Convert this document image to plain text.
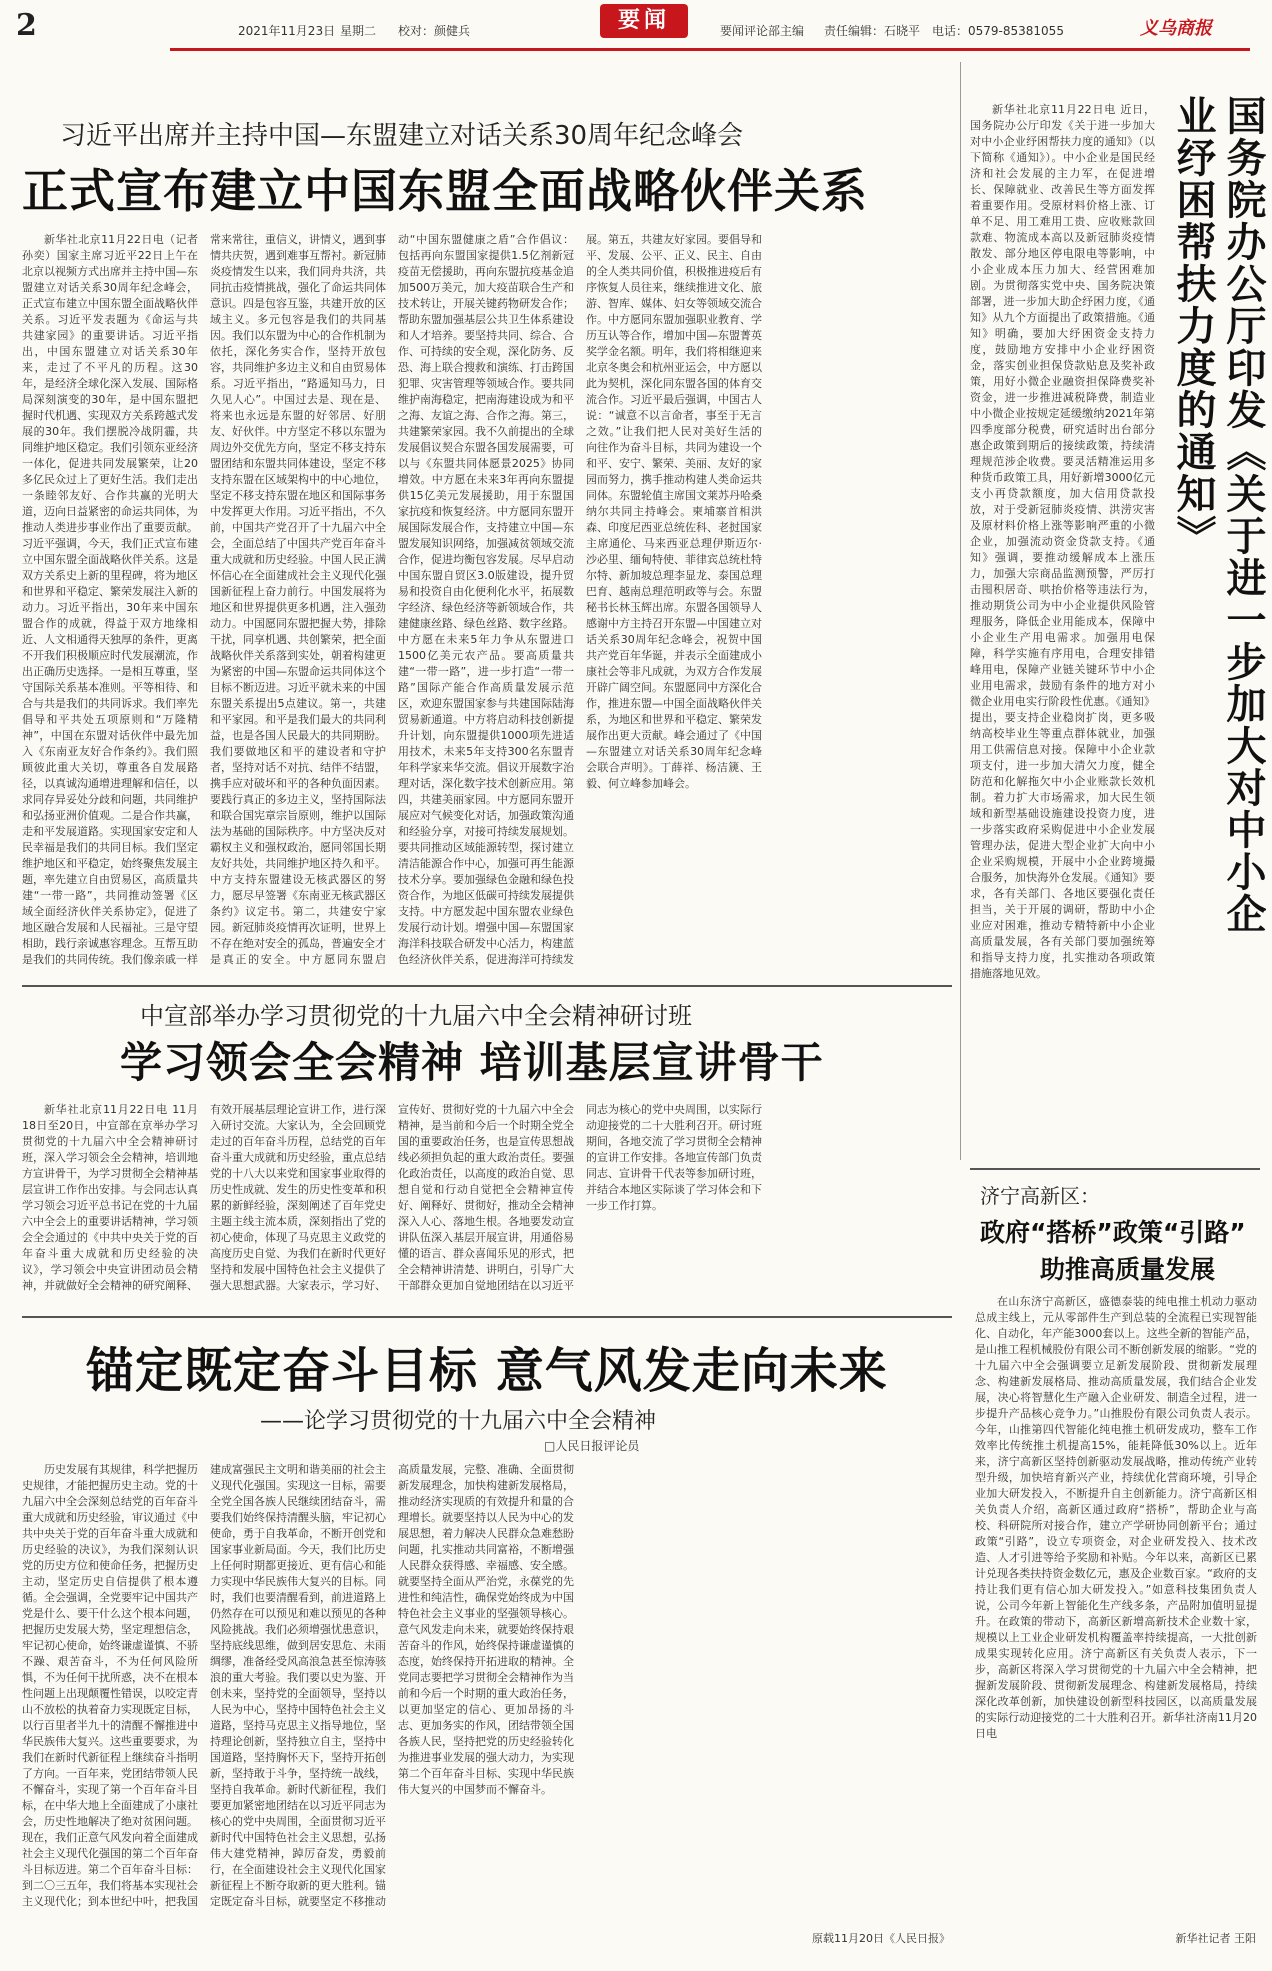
2	2021年11月23日 星期二 校对：颜健兵	要闻	要闻评论部主编 责任编辑：石晓平 电话：0579-85381055	义乌商报
习近平出席并主持中国—东盟建立对话关系30周年纪念峰会
正式宣布建立中国东盟全面战略伙伴关系
新华社北京11月22日电（记者孙奕）国家主席习近平22日上午在北京以视频方式出席并主持中国—东盟建立对话关系30周年纪念峰会，正式宣布建立中国东盟全面战略伙伴关系。习近平发表题为《命运与共 共建家园》的重要讲话。习近平指出，中国东盟建立对话关系30年来，走过了不平凡的历程。这30年，是经济全球化深入发展、国际格局深刻演变的30年，是中国东盟把握时代机遇、实现双方关系跨越式发展的30年。我们摆脱冷战阴霾，共同维护地区稳定。我们引领东亚经济一体化，促进共同发展繁荣，让20多亿民众过上了更好生活。我们走出一条睦邻友好、合作共赢的光明大道，迈向日益紧密的命运共同体，为推动人类进步事业作出了重要贡献。习近平强调，今天，我们正式宣布建立中国东盟全面战略伙伴关系。这是双方关系史上新的里程碑，将为地区和世界和平稳定、繁荣发展注入新的动力。习近平指出，30年来中国东盟合作的成就，得益于双方地缘相近、人文相通得天独厚的条件，更离不开我们积极顺应时代发展潮流，作出正确历史选择。一是相互尊重，坚守国际关系基本准则。平等相待、和合与共是我们的共同诉求。我们率先倡导和平共处五项原则和“万隆精神”，中国在东盟对话伙伴中最先加入《东南亚友好合作条约》。我们照顾彼此重大关切，尊重各自发展路径，以真诚沟通增进理解和信任，以求同存异妥处分歧和问题，共同维护和弘扬亚洲价值观。二是合作共赢，走和平发展道路。实现国家安定和人民幸福是我们的共同目标。我们坚定维护地区和平稳定，始终聚焦发展主题，率先建立自由贸易区，高质量共建“一带一路”，共同推动签署《区域全面经济伙伴关系协定》，促进了地区融合发展和人民福祉。三是守望相助，践行亲诚惠容理念。互帮互助是我们的共同传统。我们像亲戚一样常来常往，重信义，讲情义，遇到事情共庆贺，遇到难事互帮衬。新冠肺炎疫情发生以来，我们同舟共济，共同抗击疫情挑战，强化了命运共同体意识。四是包容互鉴，共建开放的区域主义。多元包容是我们的共同基因。我们以东盟为中心的合作机制为依托，深化务实合作，坚持开放包容，共同维护多边主义和自由贸易体系。习近平指出，“路遥知马力，日久见人心”。中国过去是、现在是、将来也永远是东盟的好邻居、好朋友、好伙伴。中方坚定不移以东盟为周边外交优先方向，坚定不移支持东盟团结和东盟共同体建设，坚定不移支持东盟在区域架构中的中心地位，坚定不移支持东盟在地区和国际事务中发挥更大作用。习近平指出，不久前，中国共产党召开了十九届六中全会，全面总结了中国共产党百年奋斗重大成就和历史经验。中国人民正满怀信心在全面建成社会主义现代化强国新征程上奋力前行。中国发展将为地区和世界提供更多机遇，注入强劲动力。中国愿同东盟把握大势，排除干扰，同享机遇、共创繁荣，把全面战略伙伴关系落到实处，朝着构建更为紧密的中国—东盟命运共同体这个目标不断迈进。习近平就未来的中国东盟关系提出5点建议。第一，共建和平家园。和平是我们最大的共同利益，也是各国人民最大的共同期盼。我们要做地区和平的建设者和守护者，坚持对话不对抗、结伴不结盟，携手应对破坏和平的各种负面因素。要践行真正的多边主义，坚持国际法和联合国宪章宗旨原则，维护以国际法为基础的国际秩序。中方坚决反对霸权主义和强权政治，愿同邻国长期友好共处，共同维护地区持久和平。中方支持东盟建设无核武器区的努力，愿尽早签署《东南亚无核武器区条约》议定书。第二，共建安宁家园。新冠肺炎疫情再次证明，世界上不存在绝对安全的孤岛，普遍安全才是真正的安全。中方愿同东盟启动“中国东盟健康之盾”合作倡议：包括再向东盟国家提供1.5亿剂新冠疫苗无偿援助，再向东盟抗疫基金追加500万美元，加大疫苗联合生产和技术转让，开展关键药物研发合作；帮助东盟加强基层公共卫生体系建设和人才培养。要坚持共同、综合、合作、可持续的安全观，深化防务、反恐、海上联合搜救和演练、打击跨国犯罪、灾害管理等领域合作。要共同维护南海稳定，把南海建设成为和平之海、友谊之海、合作之海。第三，共建繁荣家园。我不久前提出的全球发展倡议契合东盟各国发展需要，可以与《东盟共同体愿景2025》协同增效。中方愿在未来3年再向东盟提供15亿美元发展援助，用于东盟国家抗疫和恢复经济。中方愿同东盟开展国际发展合作，支持建立中国—东盟发展知识网络，加强减贫领域交流合作，促进均衡包容发展。尽早启动中国东盟自贸区3.0版建设，提升贸易和投资自由化便利化水平，拓展数字经济、绿色经济等新领域合作，共建健康丝路、绿色丝路、数字丝路。中方愿在未来5年力争从东盟进口1500亿美元农产品。要高质量共建“一带一路”，进一步打造“一带一路”国际产能合作高质量发展示范区，欢迎东盟国家参与共建国际陆海贸易新通道。中方将启动科技创新提升计划，向东盟提供1000项先进适用技术，未来5年支持300名东盟青年科学家来华交流。倡议开展数字治理对话，深化数字技术创新应用。第四，共建美丽家园。中方愿同东盟开展应对气候变化对话，加强政策沟通和经验分享，对接可持续发展规划。要共同推动区域能源转型，探讨建立清洁能源合作中心，加强可再生能源技术分享。要加强绿色金融和绿色投资合作，为地区低碳可持续发展提供支持。中方愿发起中国东盟农业绿色发展行动计划。增强中国—东盟国家海洋科技联合研发中心活力，构建蓝色经济伙伴关系，促进海洋可持续发展。第五，共建友好家园。要倡导和平、发展、公平、正义、民主、自由的全人类共同价值，积极推进疫后有序恢复人员往来，继续推进文化、旅游、智库、媒体、妇女等领域交流合作。中方愿同东盟加强职业教育、学历互认等合作，增加中国—东盟菁英奖学金名额。明年，我们将相继迎来北京冬奥会和杭州亚运会，中方愿以此为契机，深化同东盟各国的体育交流合作。习近平最后强调，中国古人说：“诚意不以言命者，事至于无言之效。”让我们把人民对美好生活的向往作为奋斗目标，共同为建设一个和平、安宁、繁荣、美丽、友好的家园而努力，携手推动构建人类命运共同体。东盟轮值主席国文莱苏丹哈桑纳尔共同主持峰会。柬埔寨首相洪森、印度尼西亚总统佐科、老挝国家主席通伦、马来西亚总理伊斯迈尔·沙必里、缅甸特使、菲律宾总统杜特尔特、新加坡总理李显龙、泰国总理巴育、越南总理范明政等与会。东盟秘书长林玉辉出席。东盟各国领导人感谢中方主持召开东盟—中国建立对话关系30周年纪念峰会，祝贺中国共产党百年华诞，并表示全面建成小康社会等非凡成就，为双方合作发展开辟广阔空间。东盟愿同中方深化合作，推进东盟—中国全面战略伙伴关系，为地区和世界和平稳定、繁荣发展作出更大贡献。峰会通过了《中国—东盟建立对话关系30周年纪念峰会联合声明》。丁薛祥、杨洁篪、王毅、何立峰参加峰会。	国务院办公厅印发《关于进一步加大对中小企业纾困帮扶力度的通知》
新华社北京11月22日电 近日，国务院办公厅印发《关于进一步加大对中小企业纾困帮扶力度的通知》（以下简称《通知》）。中小企业是国民经济和社会发展的主力军，在促进增长、保障就业、改善民生等方面发挥着重要作用。受原材料价格上涨、订单不足、用工难用工贵、应收账款回款难、物流成本高以及新冠肺炎疫情散发、部分地区停电限电等影响，中小企业成本压力加大、经营困难加剧。为贯彻落实党中央、国务院决策部署，进一步加大助企纾困力度，《通知》从九个方面提出了政策措施。《通知》明确，要加大纾困资金支持力度，鼓励地方安排中小企业纾困资金，落实创业担保贷款贴息及奖补政策，用好小微企业融资担保降费奖补资金，进一步推进减税降费，制造业中小微企业按规定延缓缴纳2021年第四季度部分税费，研究适时出台部分惠企政策到期后的接续政策，持续清理规范涉企收费。要灵活精准运用多种货币政策工具，用好新增3000亿元支小再贷款额度，加大信用贷款投放，对于受新冠肺炎疫情、洪涝灾害及原材料价格上涨等影响严重的小微企业，加强流动资金贷款支持。《通知》强调，要推动缓解成本上涨压力，加强大宗商品监测预警，严厉打击囤积居奇、哄抬价格等违法行为，推动期货公司为中小企业提供风险管理服务，降低企业用能成本，保障中小企业生产用电需求。加强用电保障，科学实施有序用电，合理安排错峰用电，保障产业链关键环节中小企业用电需求，鼓励有条件的地方对小微企业用电实行阶段性优惠。《通知》提出，要支持企业稳岗扩岗，更多吸纳高校毕业生等重点群体就业，加强用工供需信息对接。保障中小企业款项支付，进一步加大清欠力度，健全防范和化解拖欠中小企业账款长效机制。着力扩大市场需求，加大民生领域和新型基础设施建设投资力度，进一步落实政府采购促进中小企业发展管理办法，促进大型企业扩大向中小企业采购规模，开展中小企业跨境撮合服务，加快海外仓发展。《通知》要求，各有关部门、各地区要强化责任担当，关于开展的调研，帮助中小企业应对困难，推动专精特新中小企业高质量发展，各有关部门要加强统筹和指导支持力度，扎实推动各项政策措施落地见效。
中宣部举办学习贯彻党的十九届六中全会精神研讨班
学习领会全会精神 培训基层宣讲骨干
新华社北京11月22日电 11月18日至20日，中宣部在京举办学习贯彻党的十九届六中全会精神研讨班，深入学习领会全会精神，培训地方宣讲骨干，为学习贯彻全会精神基层宣讲工作作出安排。与会同志认真学习领会习近平总书记在党的十九届六中全会上的重要讲话精神，学习领会全会通过的《中共中央关于党的百年奋斗重大成就和历史经验的决议》，学习领会中央宣讲团动员会精神，并就做好全会精神的研究阐释、有效开展基层理论宣讲工作，进行深入研讨交流。大家认为，全会回顾党走过的百年奋斗历程，总结党的百年奋斗重大成就和历史经验，重点总结党的十八大以来党和国家事业取得的历史性成就、发生的历史性变革和积累的新鲜经验，深刻阐述了百年党史主题主线主流本质，深刻指出了党的初心使命，体现了马克思主义政党的高度历史自觉、为我们在新时代更好坚持和发展中国特色社会主义提供了强大思想武器。大家表示，学习好、宣传好、贯彻好党的十九届六中全会精神，是当前和今后一个时期全党全国的重要政治任务，也是宣传思想战线必须担负起的重大政治责任。要强化政治责任，以高度的政治自觉、思想自觉和行动自觉把全会精神宣传好、阐释好、贯彻好，推动全会精神深入人心、落地生根。各地要发动宣讲队伍深入基层开展宣讲，用通俗易懂的语言、群众喜闻乐见的形式，把全会精神讲清楚、讲明白，引导广大干部群众更加自觉地团结在以习近平同志为核心的党中央周围，以实际行动迎接党的二十大胜利召开。研讨班期间，各地交流了学习贯彻全会精神的宣讲工作安排。各地宣传部门负责同志、宣讲骨干代表等参加研讨班，并结合本地区实际谈了学习体会和下一步工作打算。	济宁高新区：
政府“搭桥”政策“引路”
助推高质量发展
在山东济宁高新区，盛德泰装的纯电推土机动力驱动总成主线上，元从零部件生产到总装的全流程已实现智能化、自动化，年产能3000套以上。这些全新的智能产品，是山推工程机械股份有限公司不断创新发展的缩影。“党的十九届六中全会强调要立足新发展阶段、贯彻新发展理念、构建新发展格局、推动高质量发展，我们结合企业发展，决心将智慧化生产融入企业研发、制造全过程，进一步提升产品核心竞争力。”山推股份有限公司负责人表示。今年，山推第四代智能化纯电推土机研发成功，整车工作效率比传统推土机提高15%，能耗降低30%以上。近年来，济宁高新区坚持创新驱动发展战略，推动传统产业转型升级，加快培育新兴产业，持续优化营商环境，引导企业加大研发投入，不断提升自主创新能力。济宁高新区相关负责人介绍，高新区通过政府“搭桥”，帮助企业与高校、科研院所对接合作，建立产学研协同创新平台；通过政策“引路”，设立专项资金，对企业研发投入、技术改造、人才引进等给予奖励和补贴。今年以来，高新区已累计兑现各类扶持资金数亿元，惠及企业数百家。“政府的支持让我们更有信心加大研发投入。”如意科技集团负责人说，公司今年新上智能化生产线多条，产品附加值明显提升。在政策的带动下，高新区新增高新技术企业数十家，规模以上工业企业研发机构覆盖率持续提高，一大批创新成果实现转化应用。济宁高新区有关负责人表示，下一步，高新区将深入学习贯彻党的十九届六中全会精神，把握新发展阶段、贯彻新发展理念、构建新发展格局，持续深化改革创新，加快建设创新型科技园区，以高质量发展的实际行动迎接党的二十大胜利召开。新华社济南11月20日电
新华社记者 王阳
锚定既定奋斗目标 意气风发走向未来
——论学习贯彻党的十九届六中全会精神
□人民日报评论员
历史发展有其规律，科学把握历史规律，才能把握历史主动。党的十九届六中全会深刻总结党的百年奋斗重大成就和历史经验，审议通过《中共中央关于党的百年奋斗重大成就和历史经验的决议》，为我们深刻认识党的历史方位和使命任务，把握历史主动，坚定历史自信提供了根本遵循。全会强调，全党要牢记中国共产党是什么、要干什么这个根本问题，把握历史发展大势，坚定理想信念，牢记初心使命，始终谦虚谨慎、不骄不躁、艰苦奋斗，不为任何风险所惧，不为任何干扰所惑，决不在根本性问题上出现颠覆性错误，以咬定青山不放松的执着奋力实现既定目标，以行百里者半九十的清醒不懈推进中华民族伟大复兴。这些重要要求，为我们在新时代新征程上继续奋斗指明了方向。一百年来，党团结带领人民不懈奋斗，实现了第一个百年奋斗目标，在中华大地上全面建成了小康社会，历史性地解决了绝对贫困问题。现在，我们正意气风发向着全面建成社会主义现代化强国的第二个百年奋斗目标迈进。第二个百年奋斗目标：到二〇三五年，我们将基本实现社会主义现代化；到本世纪中叶，把我国建成富强民主文明和谐美丽的社会主义现代化强国。实现这一目标，需要全党全国各族人民继续团结奋斗，需要我们始终保持清醒头脑，牢记初心使命，勇于自我革命，不断开创党和国家事业新局面。今天，我们比历史上任何时期都更接近、更有信心和能力实现中华民族伟大复兴的目标。同时，我们也要清醒看到，前进道路上仍然存在可以预见和难以预见的各种风险挑战。我们必须增强忧患意识，坚持底线思维，做到居安思危、未雨绸缪，准备经受风高浪急甚至惊涛骇浪的重大考验。我们要以史为鉴、开创未来，坚持党的全面领导，坚持以人民为中心，坚持中国特色社会主义道路，坚持马克思主义指导地位，坚持理论创新，坚持独立自主，坚持中国道路，坚持胸怀天下，坚持开拓创新，坚持敢于斗争，坚持统一战线，坚持自我革命。新时代新征程，我们要更加紧密地团结在以习近平同志为核心的党中央周围，全面贯彻习近平新时代中国特色社会主义思想，弘扬伟大建党精神，踔厉奋发，勇毅前行，在全面建设社会主义现代化国家新征程上不断夺取新的更大胜利。锚定既定奋斗目标，就要坚定不移推动高质量发展，完整、准确、全面贯彻新发展理念，加快构建新发展格局，推动经济实现质的有效提升和量的合理增长。就要坚持以人民为中心的发展思想，着力解决人民群众急难愁盼问题，扎实推动共同富裕，不断增强人民群众获得感、幸福感、安全感。就要坚持全面从严治党，永葆党的先进性和纯洁性，确保党始终成为中国特色社会主义事业的坚强领导核心。意气风发走向未来，就要始终保持艰苦奋斗的作风，始终保持谦虚谨慎的态度，始终保持开拓进取的精神。全党同志要把学习贯彻全会精神作为当前和今后一个时期的重大政治任务，以更加坚定的信心、更加昂扬的斗志、更加务实的作风，团结带领全国各族人民，坚持把党的历史经验转化为推进事业发展的强大动力，为实现第二个百年奋斗目标、实现中华民族伟大复兴的中国梦而不懈奋斗。
原载11月20日《人民日报》
